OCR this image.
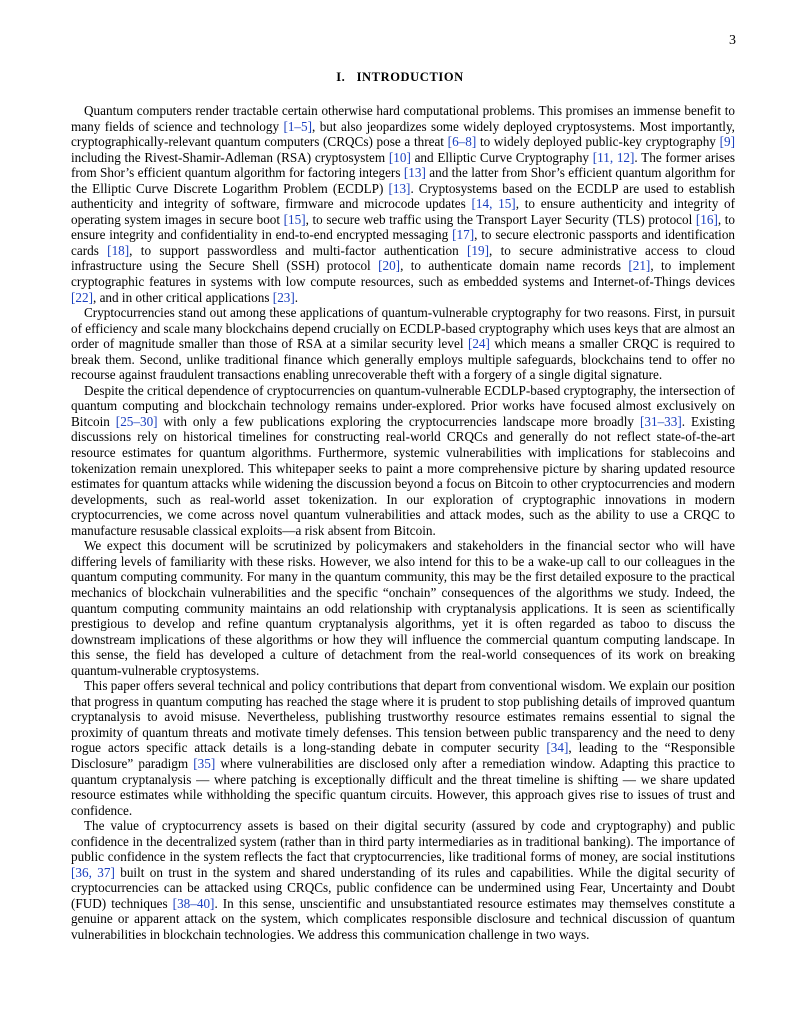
3
I. INTRODUCTION

Quantum computers render tractable certain otherwise hard computational problems. This promises an immense benefit to many fields of science and technology [1–5], but also jeopardizes some widely deployed cryptosystems. Most importantly, cryptographically-relevant quantum computers (CRQCs) pose a threat [6–8] to widely deployed public-key cryptography [9] including the Rivest-Shamir-Adleman (RSA) cryptosystem [10] and Elliptic Curve Cryptography [11, 12]. The former arises from Shor’s efficient quantum algorithm for factoring integers [13] and the latter from Shor’s efficient quantum algorithm for the Elliptic Curve Discrete Logarithm Problem (ECDLP) [13]. Cryptosystems based on the ECDLP are used to establish authenticity and integrity of software, firmware and microcode updates [14, 15], to ensure authenticity and integrity of operating system images in secure boot [15], to secure web traffic using the Transport Layer Security (TLS) protocol [16], to ensure integrity and confidentiality in end-to-end encrypted messaging [17], to secure electronic passports and identification cards [18], to support passwordless and multi-factor authentication [19], to secure administrative access to cloud infrastructure using the Secure Shell (SSH) protocol [20], to authenticate domain name records [21], to implement cryptographic features in systems with low compute resources, such as embedded systems and Internet-of-Things devices [22], and in other critical applications [23].

Cryptocurrencies stand out among these applications of quantum-vulnerable cryptography for two reasons. First, in pursuit of efficiency and scale many blockchains depend crucially on ECDLP-based cryptography which uses keys that are almost an order of magnitude smaller than those of RSA at a similar security level [24] which means a smaller CRQC is required to break them. Second, unlike traditional finance which generally employs multiple safeguards, blockchains tend to offer no recourse against fraudulent transactions enabling unrecoverable theft with a forgery of a single digital signature.

Despite the critical dependence of cryptocurrencies on quantum-vulnerable ECDLP-based cryptography, the intersection of quantum computing and blockchain technology remains under-explored. Prior works have focused almost exclusively on Bitcoin [25–30] with only a few publications exploring the cryptocurrencies landscape more broadly [31–33]. Existing discussions rely on historical timelines for constructing real-world CRQCs and generally do not reflect state-of-the-art resource estimates for quantum algorithms. Furthermore, systemic vulnerabilities with implications for stablecoins and tokenization remain unexplored. This whitepaper seeks to paint a more comprehensive picture by sharing updated resource estimates for quantum attacks while widening the discussion beyond a focus on Bitcoin to other cryptocurrencies and modern developments, such as real-world asset tokenization. In our exploration of cryptographic innovations in modern cryptocurrencies, we come across novel quantum vulnerabilities and attack modes, such as the ability to use a CRQC to manufacture resusable classical exploits—a risk absent from Bitcoin.

We expect this document will be scrutinized by policymakers and stakeholders in the financial sector who will have differing levels of familiarity with these risks. However, we also intend for this to be a wake-up call to our colleagues in the quantum computing community. For many in the quantum community, this may be the first detailed exposure to the practical mechanics of blockchain vulnerabilities and the specific “onchain” consequences of the algorithms we study. Indeed, the quantum computing community maintains an odd relationship with cryptanalysis applications. It is seen as scientifically prestigious to develop and refine quantum cryptanalysis algorithms, yet it is often regarded as taboo to discuss the downstream implications of these algorithms or how they will influence the commercial quantum computing landscape. In this sense, the field has developed a culture of detachment from the real-world consequences of its work on breaking quantum-vulnerable cryptosystems.

This paper offers several technical and policy contributions that depart from conventional wisdom. We explain our position that progress in quantum computing has reached the stage where it is prudent to stop publishing details of improved quantum cryptanalysis to avoid misuse. Nevertheless, publishing trustworthy resource estimates remains essential to signal the proximity of quantum threats and motivate timely defenses. This tension between public transparency and the need to deny rogue actors specific attack details is a long-standing debate in computer security [34], leading to the “Responsible Disclosure” paradigm [35] where vulnerabilities are disclosed only after a remediation window. Adapting this practice to quantum cryptanalysis — where patching is exceptionally difficult and the threat timeline is shifting — we share updated resource estimates while withholding the specific quantum circuits. However, this approach gives rise to issues of trust and confidence.

The value of cryptocurrency assets is based on their digital security (assured by code and cryptography) and public confidence in the decentralized system (rather than in third party intermediaries as in traditional banking). The importance of public confidence in the system reflects the fact that cryptocurrencies, like traditional forms of money, are social institutions [36, 37] built on trust in the system and shared understanding of its rules and capabilities. While the digital security of cryptocurrencies can be attacked using CRQCs, public confidence can be undermined using Fear, Uncertainty and Doubt (FUD) techniques [38–40]. In this sense, unscientific and unsubstantiated resource estimates may themselves constitute a genuine or apparent attack on the system, which complicates responsible disclosure and technical discussion of quantum vulnerabilities in blockchain technologies. We address this communication challenge in two ways.
